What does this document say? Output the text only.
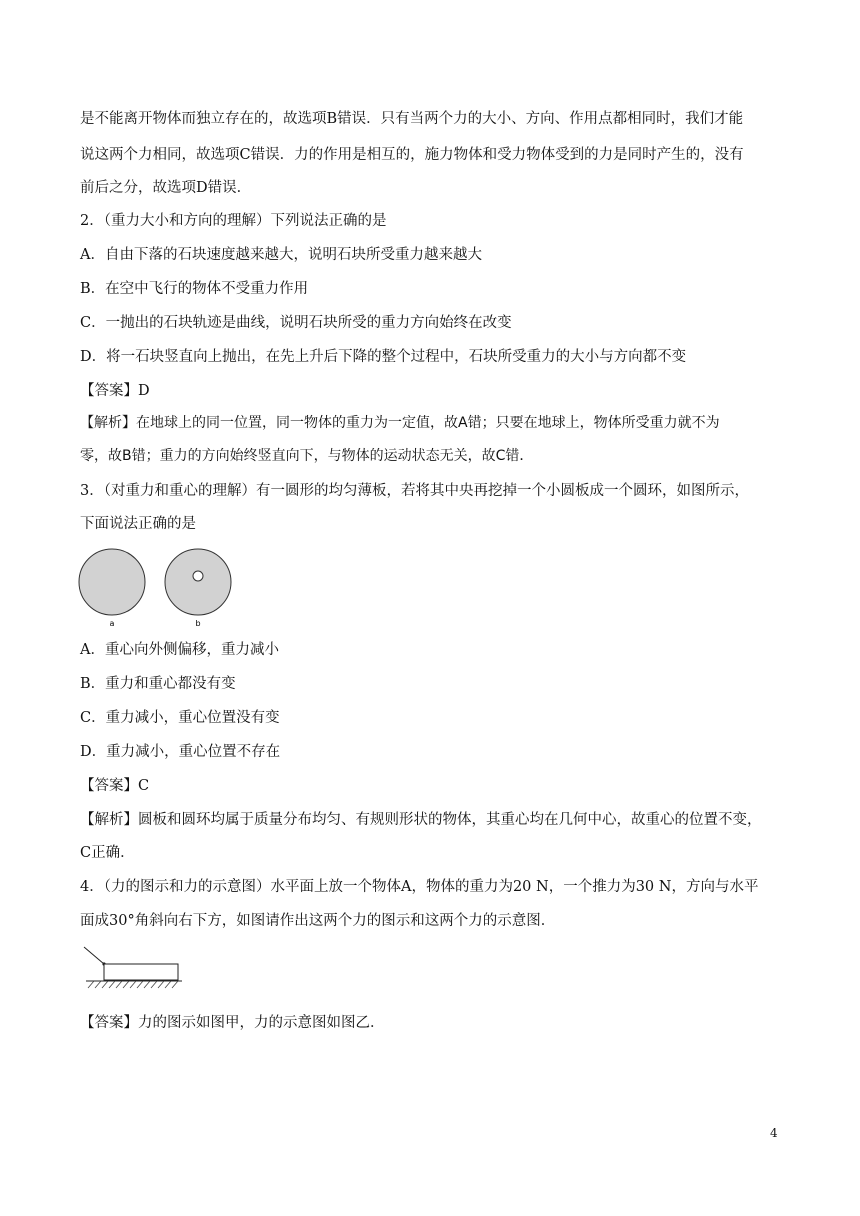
是不能离开物体而独立存在的，故选项B错误．只有当两个力的大小、方向、作用点都相同时，我们才能
说这两个力相同，故选项C错误．力的作用是相互的，施力物体和受力物体受到的力是同时产生的，没有
前后之分，故选项D错误．
2．（重力大小和方向的理解）下列说法正确的是
A．自由下落的石块速度越来越大，说明石块所受重力越来越大
B．在空中飞行的物体不受重力作用
C．一抛出的石块轨迹是曲线，说明石块所受的重力方向始终在改变
D．将一石块竖直向上抛出，在先上升后下降的整个过程中，石块所受重力的大小与方向都不变
【答案】D
【解析】在地球上的同一位置，同一物体的重力为一定值，故A错；只要在地球上，物体所受重力就不为
零，故B错；重力的方向始终竖直向下，与物体的运动状态无关，故C错．
3．（对重力和重心的理解）有一圆形的均匀薄板，若将其中央再挖掉一个小圆板成一个圆环，如图所示，
下面说法正确的是
a	b
A．重心向外侧偏移，重力减小
B．重力和重心都没有变
C．重力减小，重心位置没有变
D．重力减小，重心位置不存在
【答案】C
【解析】圆板和圆环均属于质量分布均匀、有规则形状的物体，其重心均在几何中心，故重心的位置不变，
C正确．
4．（力的图示和力的示意图）水平面上放一个物体A，物体的重力为20 N，一个推力为30 N，方向与水平
面成30°角斜向右下方，如图请作出这两个力的图示和这两个力的示意图．
【答案】力的图示如图甲，力的示意图如图乙．
4
